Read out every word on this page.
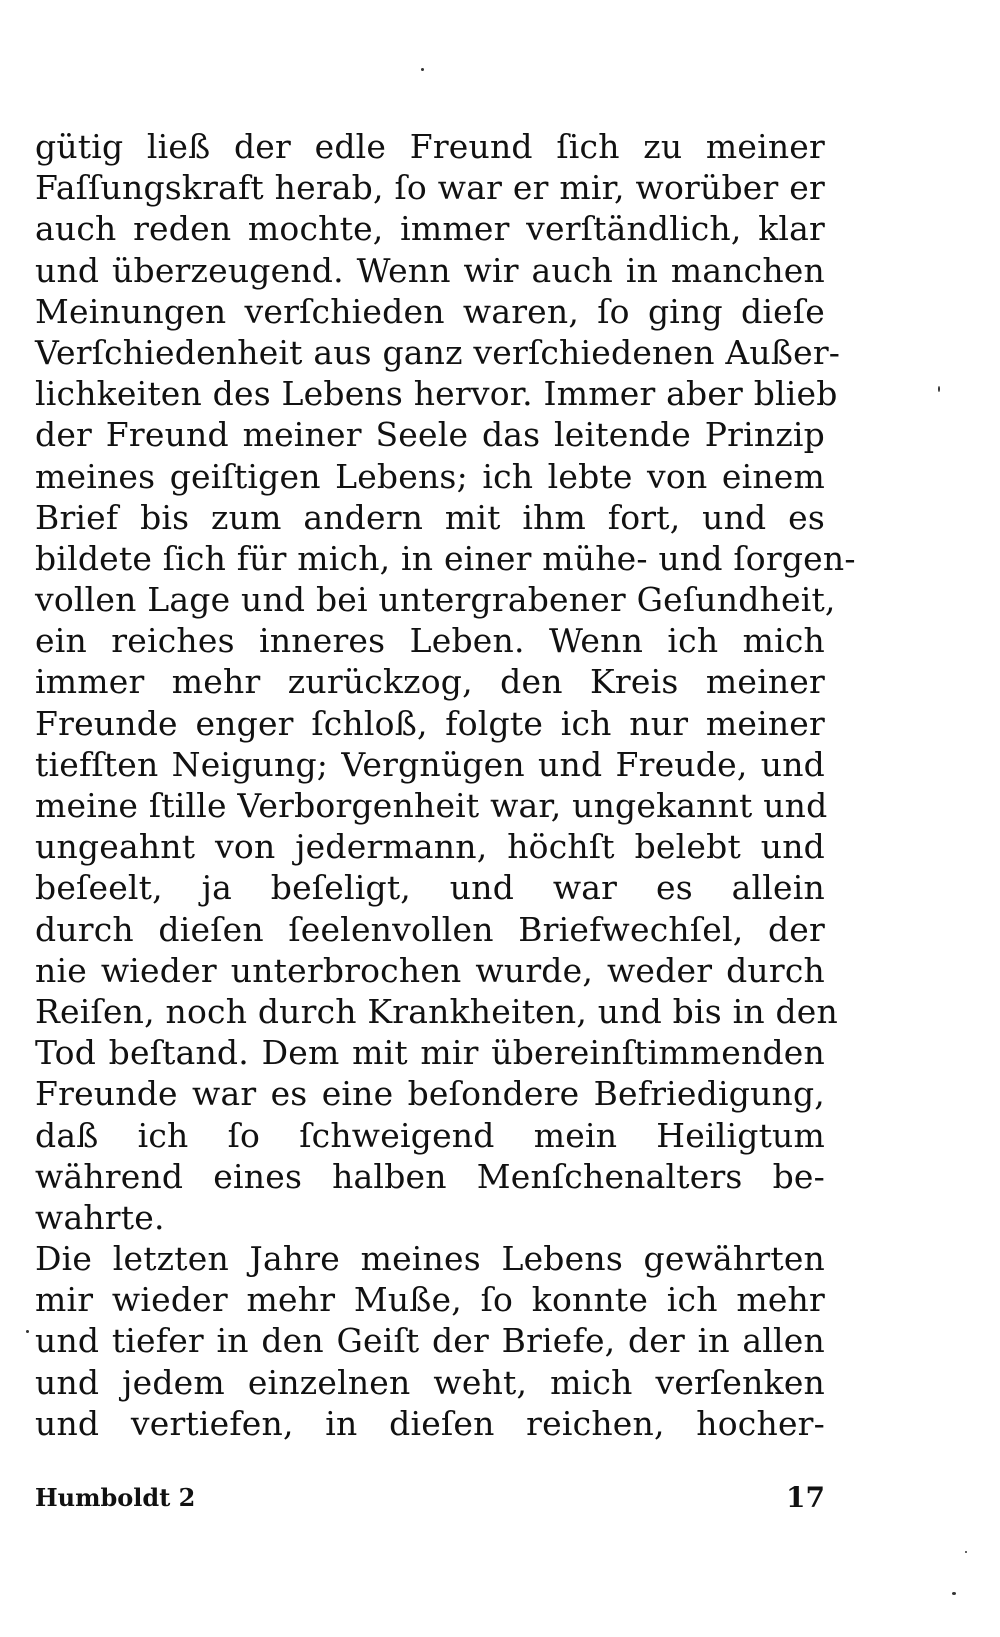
gütig ließ der edle Freund ſich zu meiner
Faſſungskraft herab, ſo war er mir, worüber er
auch reden mochte, immer verſtändlich, klar
und überzeugend. Wenn wir auch in manchen
Meinungen verſchieden waren, ſo ging dieſe
Verſchiedenheit aus ganz verſchiedenen Außer-
lichkeiten des Lebens hervor. Immer aber blieb
der Freund meiner Seele das leitende Prinzip
meines geiſtigen Lebens; ich lebte von einem
Brief bis zum andern mit ihm fort, und es
bildete ſich für mich, in einer mühe- und ſorgen-
vollen Lage und bei untergrabener Geſundheit,
ein reiches inneres Leben. Wenn ich mich
immer mehr zurückzog, den Kreis meiner
Freunde enger ſchloß, folgte ich nur meiner
tiefſten Neigung; Vergnügen und Freude, und
meine ſtille Verborgenheit war, ungekannt und
ungeahnt von jedermann, höchſt belebt und
beſeelt, ja beſeligt, und war es allein
durch dieſen ſeelenvollen Briefwechſel, der
nie wieder unterbrochen wurde, weder durch
Reiſen, noch durch Krankheiten, und bis in den
Tod beſtand. Dem mit mir übereinſtimmenden
Freunde war es eine beſondere Befriedigung,
daß ich ſo ſchweigend mein Heiligtum
während eines halben Menſchenalters be-
wahrte.
Die letzten Jahre meines Lebens gewährten
mir wieder mehr Muße, ſo konnte ich mehr
und tiefer in den Geiſt der Briefe, der in allen
und jedem einzelnen weht, mich verſenken
und vertiefen, in dieſen reichen, hocher-
Humboldt 2	17
